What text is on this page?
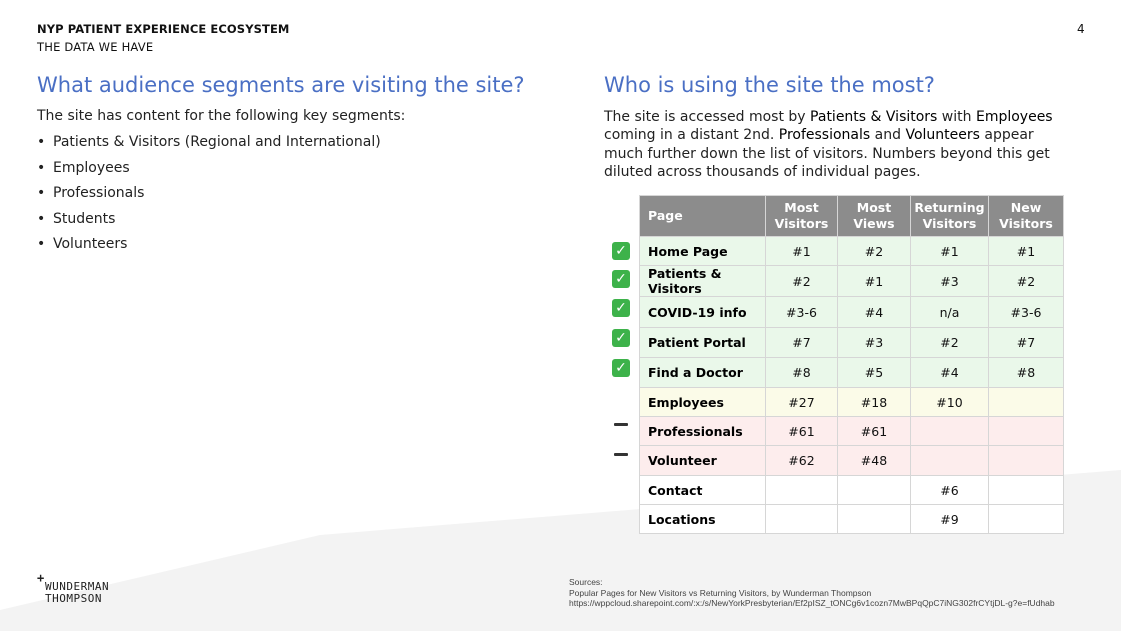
NYP PATIENT EXPERIENCE ECOSYSTEM
THE DATA WE HAVE
4
What audience segments are visiting the site?
The site has content for the following key segments:
• Patients & Visitors (Regional and International)
• Employees
• Professionals
• Students
• Volunteers
Who is using the site the most?
The site is accessed most by Patients & Visitors with Employees coming in a distant 2nd. Professionals and Volunteers appear much further down the list of visitors. Numbers beyond this get diluted across thousands of individual pages.
✓
✓
✓
✓
✓
Page	Most Visitors	Most Views	Returning Visitors	New Visitors
Home Page	#1	#2	#1	#1
Patients & Visitors	#2	#1	#3	#2
COVID-19 info	#3-6	#4	n/a	#3-6
Patient Portal	#7	#3	#2	#7
Find a Doctor	#8	#5	#4	#8
Employees	#27	#18	#10	
Professionals	#61	#61		
Volunteer	#62	#48		
Contact			#6	
Locations			#9	
+
WUNDERMAN
THOMPSON
Sources:
Popular Pages for New Visitors vs Returning Visitors, by Wunderman Thompson
https://wppcloud.sharepoint.com/:x:/s/NewYorkPresbyterian/Ef2pISZ_tONCg6v1cozn7MwBPqQpC7iNG302frCYtjDL-g?e=fUdhab
